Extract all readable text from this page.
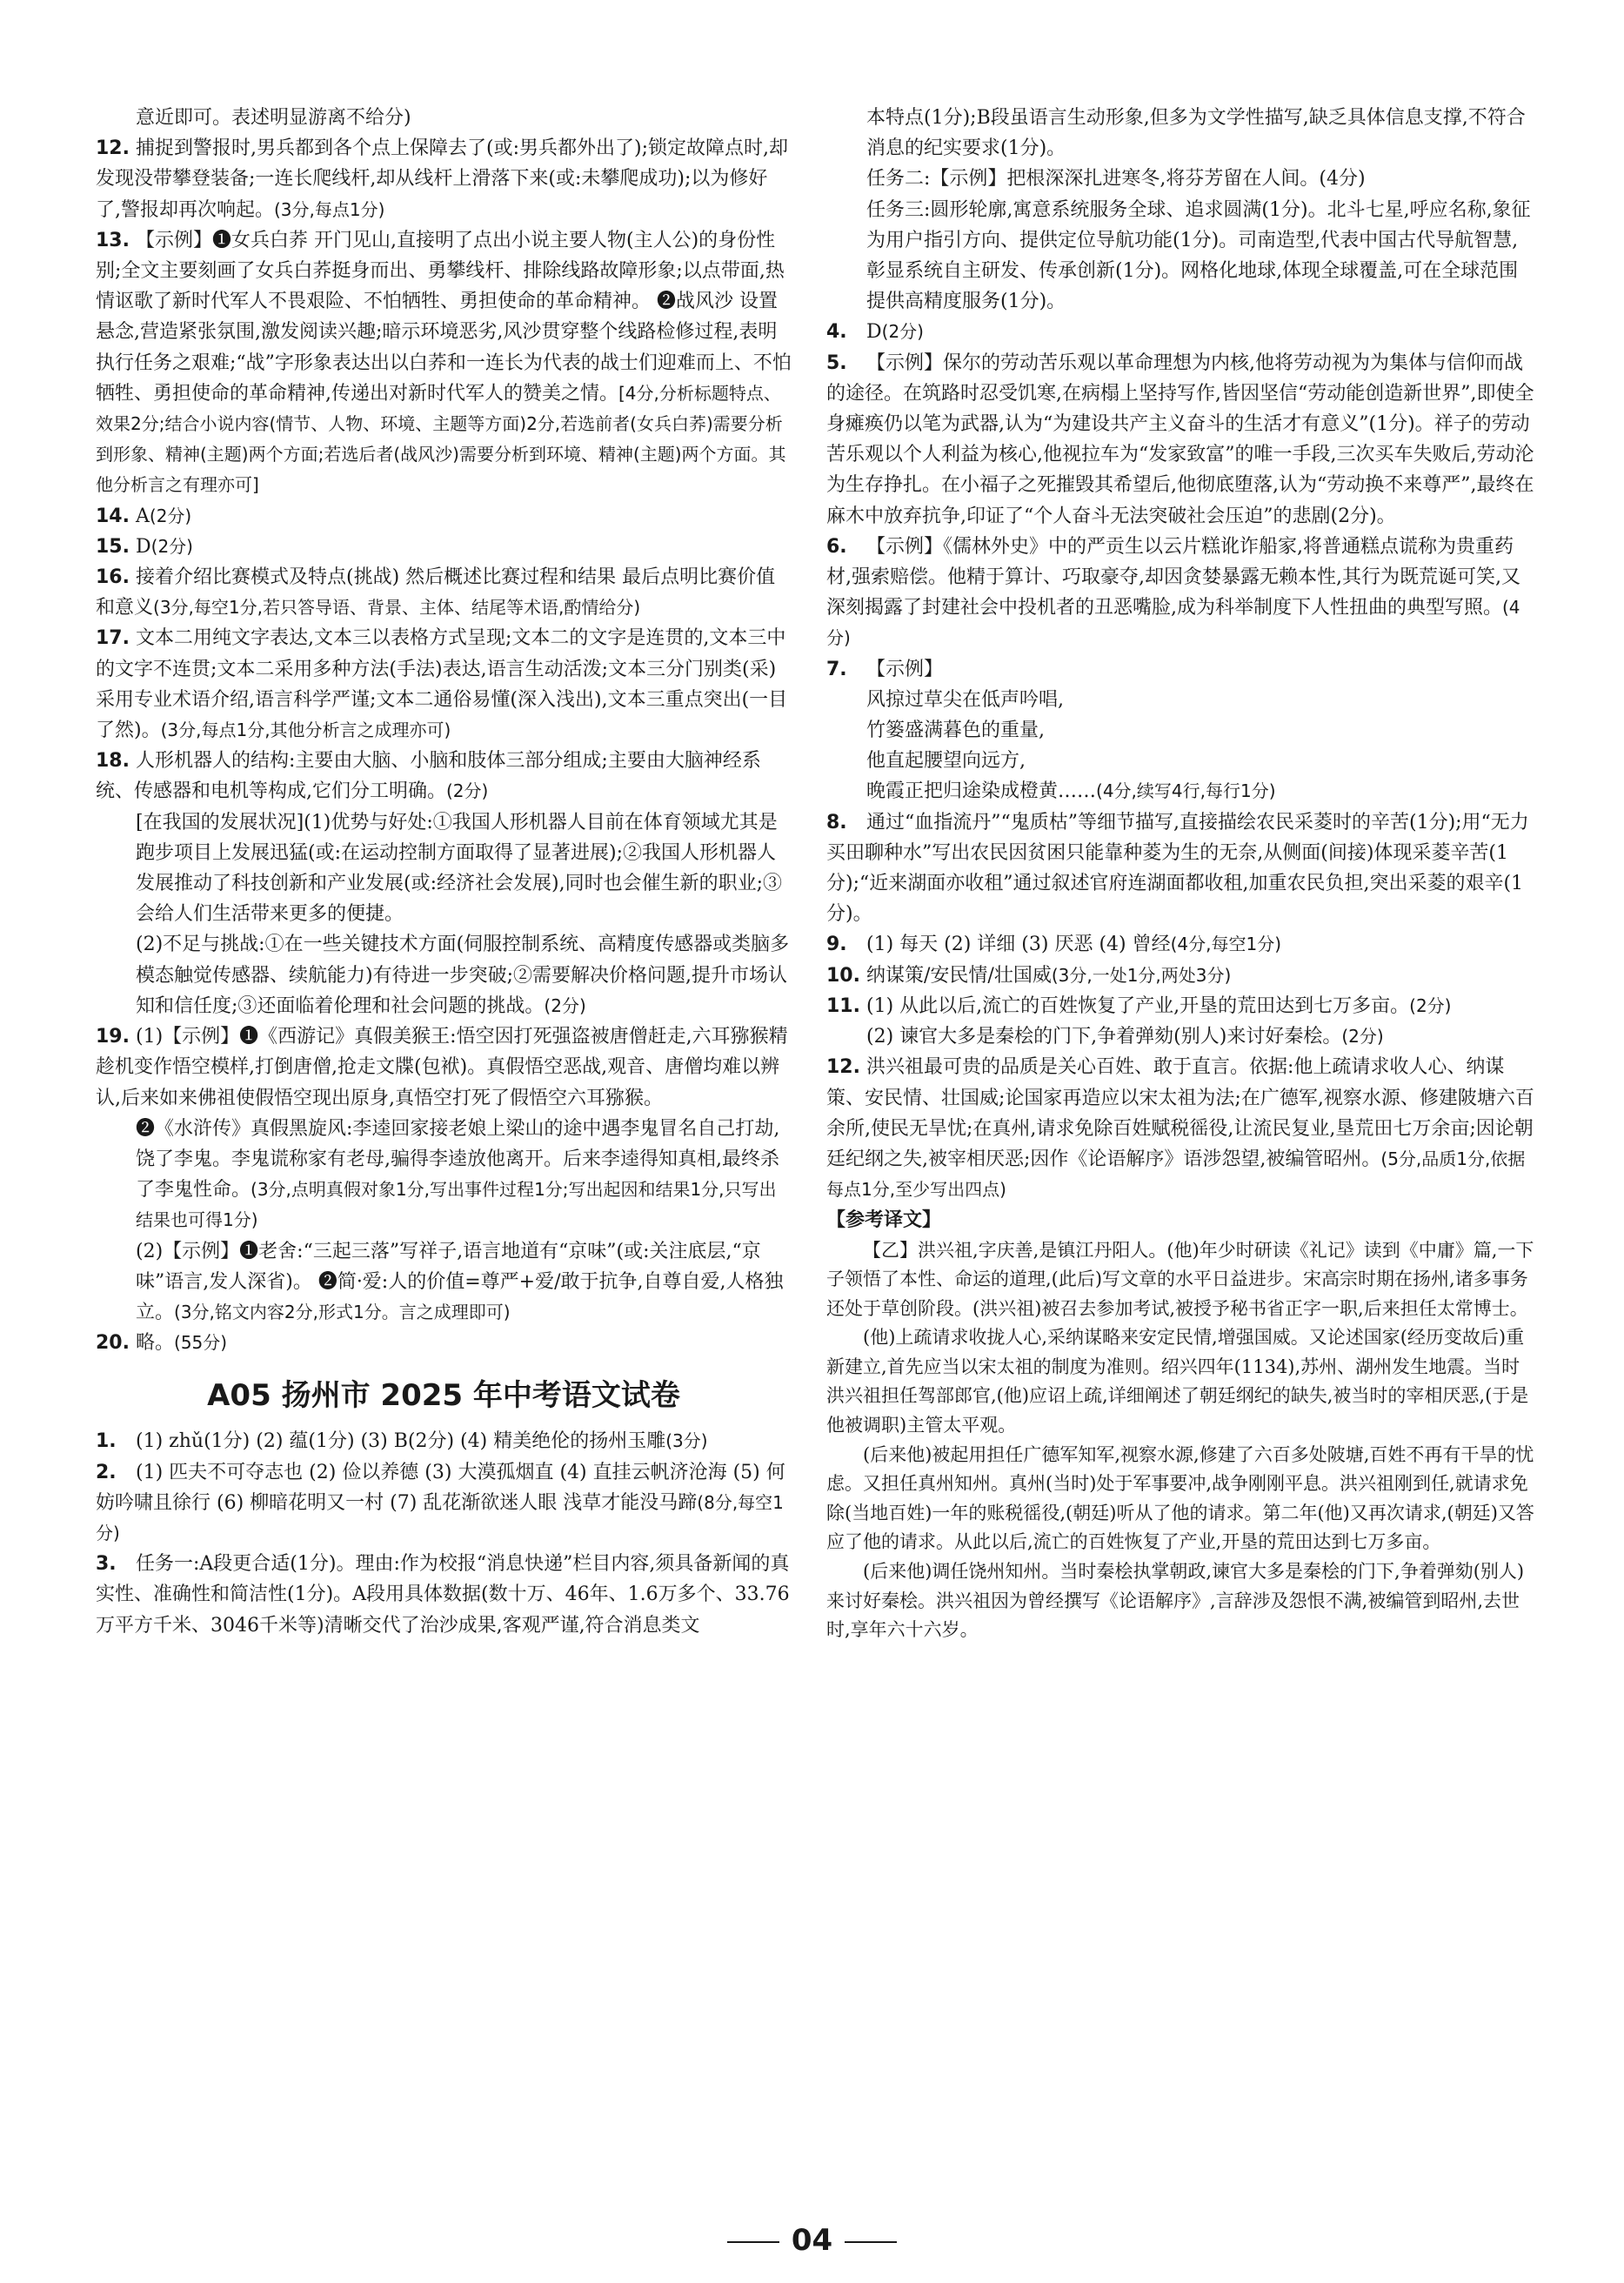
意近即可。表述明显游离不给分)

12. 捕捉到警报时,男兵都到各个点上保障去了(或:男兵都外出了);锁定故障点时,却发现没带攀登装备;一连长爬线杆,却从线杆上滑落下来(或:未攀爬成功);以为修好了,警报却再次响起。(3分,每点1分)

13. 【示例】❶女兵白荞 开门见山,直接明了点出小说主要人物(主人公)的身份性别;全文主要刻画了女兵白荞挺身而出、勇攀线杆、排除线路故障形象;以点带面,热情讴歌了新时代军人不畏艰险、不怕牺牲、勇担使命的革命精神。 ❷战风沙 设置悬念,营造紧张氛围,激发阅读兴趣;暗示环境恶劣,风沙贯穿整个线路检修过程,表明执行任务之艰难;“战”字形象表达出以白荞和一连长为代表的战士们迎难而上、不怕牺牲、勇担使命的革命精神,传递出对新时代军人的赞美之情。[4分,分析标题特点、效果2分;结合小说内容(情节、人物、环境、主题等方面)2分,若选前者(女兵白荞)需要分析到形象、精神(主题)两个方面;若选后者(战风沙)需要分析到环境、精神(主题)两个方面。其他分析言之有理亦可]

14. A(2分)

15. D(2分)

16. 接着介绍比赛模式及特点(挑战) 然后概述比赛过程和结果 最后点明比赛价值和意义(3分,每空1分,若只答导语、背景、主体、结尾等术语,酌情给分)

17. 文本二用纯文字表达,文本三以表格方式呈现;文本二的文字是连贯的,文本三中的文字不连贯;文本二采用多种方法(手法)表达,语言生动活泼;文本三分门别类(采)采用专业术语介绍,语言科学严谨;文本二通俗易懂(深入浅出),文本三重点突出(一目了然)。(3分,每点1分,其他分析言之成理亦可)

18. 人形机器人的结构:主要由大脑、小脑和肢体三部分组成;主要由大脑神经系统、传感器和电机等构成,它们分工明确。(2分)

[在我国的发展状况](1)优势与好处:①我国人形机器人目前在体育领域尤其是跑步项目上发展迅猛(或:在运动控制方面取得了显著进展);②我国人形机器人发展推动了科技创新和产业发展(或:经济社会发展),同时也会催生新的职业;③会给人们生活带来更多的便捷。

(2)不足与挑战:①在一些关键技术方面(伺服控制系统、高精度传感器或类脑多模态触觉传感器、续航能力)有待进一步突破;②需要解决价格问题,提升市场认知和信任度;③还面临着伦理和社会问题的挑战。(2分)

19. (1)【示例】❶《西游记》真假美猴王:悟空因打死强盗被唐僧赶走,六耳猕猴精趁机变作悟空模样,打倒唐僧,抢走文牒(包袱)。真假悟空恶战,观音、唐僧均难以辨认,后来如来佛祖使假悟空现出原身,真悟空打死了假悟空六耳猕猴。

❷《水浒传》真假黑旋风:李逵回家接老娘上梁山的途中遇李鬼冒名自己打劫,饶了李鬼。李鬼谎称家有老母,骗得李逵放他离开。后来李逵得知真相,最终杀了李鬼性命。(3分,点明真假对象1分,写出事件过程1分;写出起因和结果1分,只写出结果也可得1分)

(2)【示例】❶老舍:“三起三落”写祥子,语言地道有“京味”(或:关注底层,“京味”语言,发人深省)。 ❷简·爱:人的价值=尊严+爱/敢于抗争,自尊自爱,人格独立。(3分,铭文内容2分,形式1分。言之成理即可)

20. 略。(55分)

A05 扬州市 2025 年中考语文试卷

1. (1) zhǔ(1分) (2) 蕴(1分) (3) B(2分) (4) 精美绝伦的扬州玉雕(3分)

2. (1) 匹夫不可夺志也 (2) 俭以养德 (3) 大漠孤烟直 (4) 直挂云帆济沧海 (5) 何妨吟啸且徐行 (6) 柳暗花明又一村 (7) 乱花渐欲迷人眼 浅草才能没马蹄(8分,每空1分)

3. 任务一:A段更合适(1分)。理由:作为校报“消息快递”栏目内容,须具备新闻的真实性、准确性和简洁性(1分)。A段用具体数据(数十万、46年、1.6万多个、33.76万平方千米、3046千米等)清晰交代了治沙成果,客观严谨,符合消息类文

本特点(1分);B段虽语言生动形象,但多为文学性描写,缺乏具体信息支撑,不符合消息的纪实要求(1分)。

任务二:【示例】把根深深扎进寒冬,将芬芳留在人间。(4分)

任务三:圆形轮廓,寓意系统服务全球、追求圆满(1分)。北斗七星,呼应名称,象征为用户指引方向、提供定位导航功能(1分)。司南造型,代表中国古代导航智慧,彰显系统自主研发、传承创新(1分)。网格化地球,体现全球覆盖,可在全球范围提供高精度服务(1分)。

4. D(2分)

5. 【示例】保尔的劳动苦乐观以革命理想为内核,他将劳动视为为集体与信仰而战的途径。在筑路时忍受饥寒,在病榻上坚持写作,皆因坚信“劳动能创造新世界”,即使全身瘫痪仍以笔为武器,认为“为建设共产主义奋斗的生活才有意义”(1分)。祥子的劳动苦乐观以个人利益为核心,他视拉车为“发家致富”的唯一手段,三次买车失败后,劳动沦为生存挣扎。在小福子之死摧毁其希望后,他彻底堕落,认为“劳动换不来尊严”,最终在麻木中放弃抗争,印证了“个人奋斗无法突破社会压迫”的悲剧(2分)。

6. 【示例】《儒林外史》中的严贡生以云片糕讹诈船家,将普通糕点谎称为贵重药材,强索赔偿。他精于算计、巧取豪夺,却因贪婪暴露无赖本性,其行为既荒诞可笑,又深刻揭露了封建社会中投机者的丑恶嘴脸,成为科举制度下人性扭曲的典型写照。(4分)

7. 【示例】

风掠过草尖在低声吟唱,

竹篓盛满暮色的重量,

他直起腰望向远方,

晚霞正把归途染成橙黄……(4分,续写4行,每行1分)

8. 通过“血指流丹”“鬼质枯”等细节描写,直接描绘农民采菱时的辛苦(1分);用“无力买田聊种水”写出农民因贫困只能靠种菱为生的无奈,从侧面(间接)体现采菱辛苦(1分);“近来湖面亦收租”通过叙述官府连湖面都收租,加重农民负担,突出采菱的艰辛(1分)。

9. (1) 每天 (2) 详细 (3) 厌恶 (4) 曾经(4分,每空1分)

10. 纳谋策/安民情/壮国威(3分,一处1分,两处3分)

11. (1) 从此以后,流亡的百姓恢复了产业,开垦的荒田达到七万多亩。(2分)

(2) 谏官大多是秦桧的门下,争着弹劾(别人)来讨好秦桧。(2分)

12. 洪兴祖最可贵的品质是关心百姓、敢于直言。依据:他上疏请求收人心、纳谋策、安民情、壮国威;论国家再造应以宋太祖为法;在广德军,视察水源、修建陂塘六百余所,使民无旱忧;在真州,请求免除百姓赋税徭役,让流民复业,垦荒田七万余亩;因论朝廷纪纲之失,被宰相厌恶;因作《论语解序》语涉怨望,被编管昭州。(5分,品质1分,依据每点1分,至少写出四点)

【参考译文】

【乙】洪兴祖,字庆善,是镇江丹阳人。(他)年少时研读《礼记》读到《中庸》篇,一下子领悟了本性、命运的道理,(此后)写文章的水平日益进步。宋高宗时期在扬州,诸多事务还处于草创阶段。(洪兴祖)被召去参加考试,被授予秘书省正字一职,后来担任太常博士。

(他)上疏请求收拢人心,采纳谋略来安定民情,增强国威。又论述国家(经历变故后)重新建立,首先应当以宋太祖的制度为准则。绍兴四年(1134),苏州、湖州发生地震。当时洪兴祖担任驾部郎官,(他)应诏上疏,详细阐述了朝廷纲纪的缺失,被当时的宰相厌恶,(于是他被调职)主管太平观。

(后来他)被起用担任广德军知军,视察水源,修建了六百多处陂塘,百姓不再有干旱的忧虑。又担任真州知州。真州(当时)处于军事要冲,战争刚刚平息。洪兴祖刚到任,就请求免除(当地百姓)一年的账税徭役,(朝廷)听从了他的请求。第二年(他)又再次请求,(朝廷)又答应了他的请求。从此以后,流亡的百姓恢复了产业,开垦的荒田达到七万多亩。

(后来他)调任饶州知州。当时秦桧执掌朝政,谏官大多是秦桧的门下,争着弹劾(别人)来讨好秦桧。洪兴祖因为曾经撰写《论语解序》,言辞涉及怨恨不满,被编管到昭州,去世时,享年六十六岁。

04
